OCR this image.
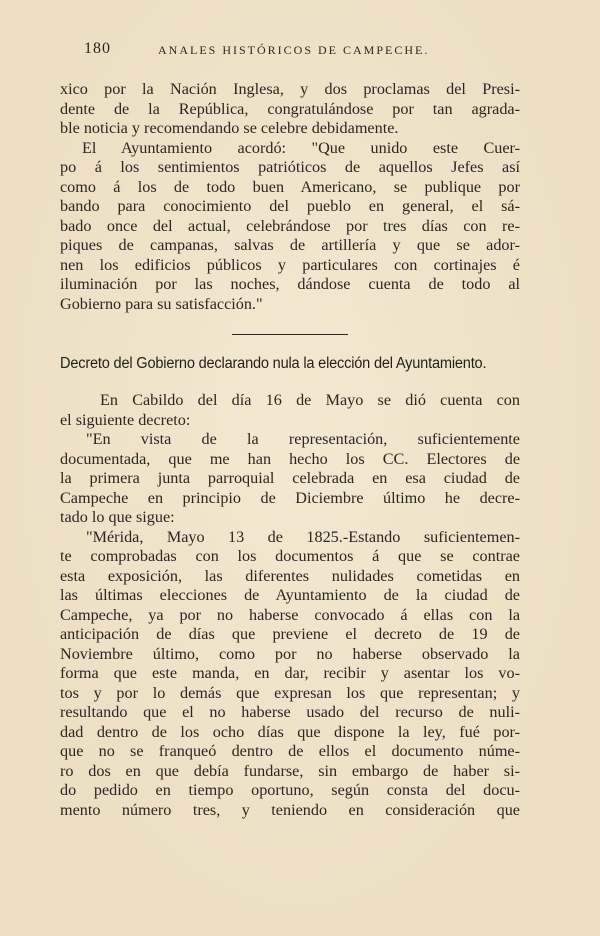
180	ANALES HISTÓRICOS DE CAMPECHE.
xico por la Nación Inglesa, y dos proclamas del Presi-
dente de la República, congratulándose por tan agrada-
ble noticia y recomendando se celebre debidamente.
El Ayuntamiento acordó: "Que unido este Cuer-
po á los sentimientos patrióticos de aquellos Jefes así
como á los de todo buen Americano, se publique por
bando para conocimiento del pueblo en general, el sá-
bado once del actual, celebrándose por tres días con re-
piques de campanas, salvas de artillería y que se ador-
nen los edificios públicos y particulares con cortinajes é
iluminación por las noches, dándose cuenta de todo al
Gobierno para su satisfacción."
Decreto del Gobierno declarando nula la elección del Ayuntamiento.
En Cabildo del día 16 de Mayo se dió cuenta con
el siguiente decreto:
"En vista de la representación, suficientemente
documentada, que me han hecho los CC. Electores de
la primera junta parroquial celebrada en esa ciudad de
Campeche en principio de Diciembre último he decre-
tado lo que sigue:
"Mérida, Mayo 13 de 1825.-Estando suficientemen-
te comprobadas con los documentos á que se contrae
esta exposición, las diferentes nulidades cometidas en
las últimas elecciones de Ayuntamiento de la ciudad de
Campeche, ya por no haberse convocado á ellas con la
anticipación de días que previene el decreto de 19 de
Noviembre último, como por no haberse observado la
forma que este manda, en dar, recibir y asentar los vo-
tos y por lo demás que expresan los que representan; y
resultando que el no haberse usado del recurso de nuli-
dad dentro de los ocho días que dispone la ley, fué por-
que no se franqueó dentro de ellos el documento núme-
ro dos en que debía fundarse, sin embargo de haber si-
do pedido en tiempo oportuno, según consta del docu-
mento número tres, y teniendo en consideración que
